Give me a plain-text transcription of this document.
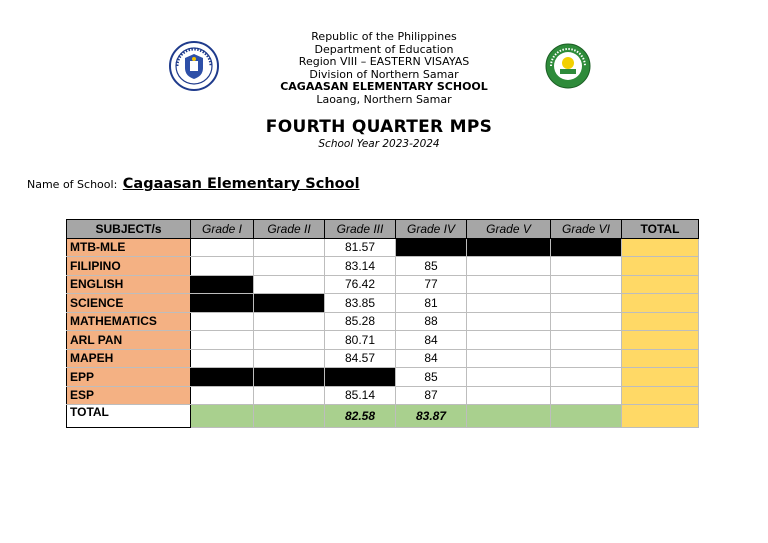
Republic of the Philippines
Department of Education
Region VIII – EASTERN VISAYAS
Division of Northern Samar
CAGAASAN ELEMENTARY SCHOOL
Laoang, Northern Samar
FOURTH QUARTER MPS
School Year 2023-2024
Name of School: Cagaasan Elementary School
SUBJECT/s	Grade I	Grade II	Grade III	Grade IV	Grade V	Grade VI	TOTAL
MTB-MLE			81.57				
FILIPINO			83.14	85			
ENGLISH			76.42	77			
SCIENCE			83.85	81			
MATHEMATICS			85.28	88			
ARL PAN			80.71	84			
MAPEH			84.57	84			
EPP				85			
ESP			85.14	87			
TOTAL			82.58	83.87			
